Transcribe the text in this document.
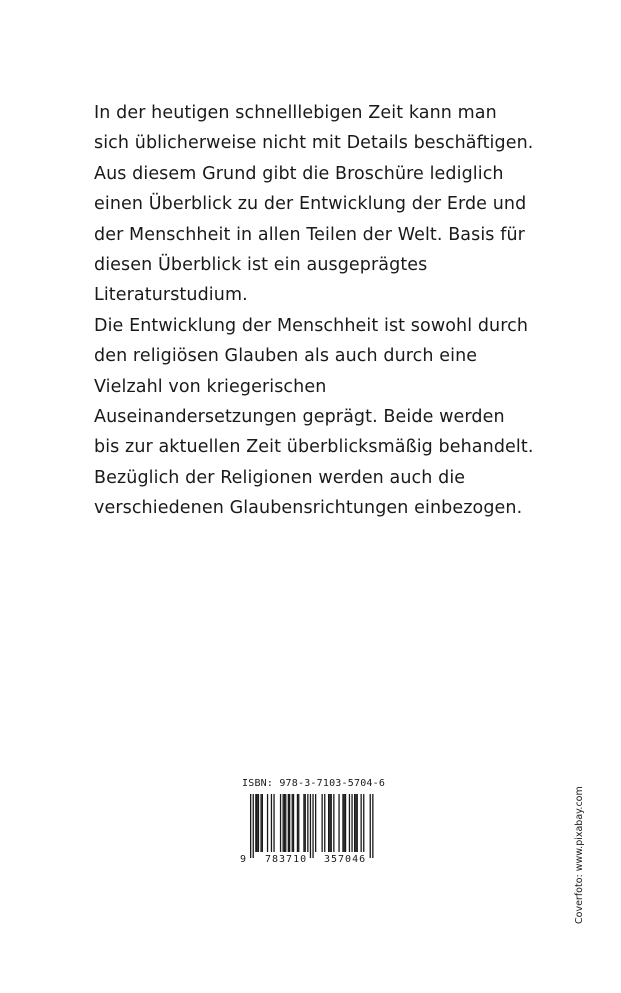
In der heutigen schnelllebigen Zeit kann man
sich üblicherweise nicht mit Details beschäftigen.
Aus diesem Grund gibt die Broschüre lediglich
einen Überblick zu der Entwicklung der Erde und
der Menschheit in allen Teilen der Welt. Basis für
diesen Überblick ist ein ausgeprägtes
Literaturstudium.
Die Entwicklung der Menschheit ist sowohl durch
den religiösen Glauben als auch durch eine
Vielzahl von kriegerischen
Auseinandersetzungen geprägt. Beide werden
bis zur aktuellen Zeit überblicksmäßig behandelt.
Bezüglich der Religionen werden auch die
verschiedenen Glaubensrichtungen einbezogen.
ISBN: 978-3-7103-5704-6
9 783710 357046	Coverfoto: www.pixabay.com
